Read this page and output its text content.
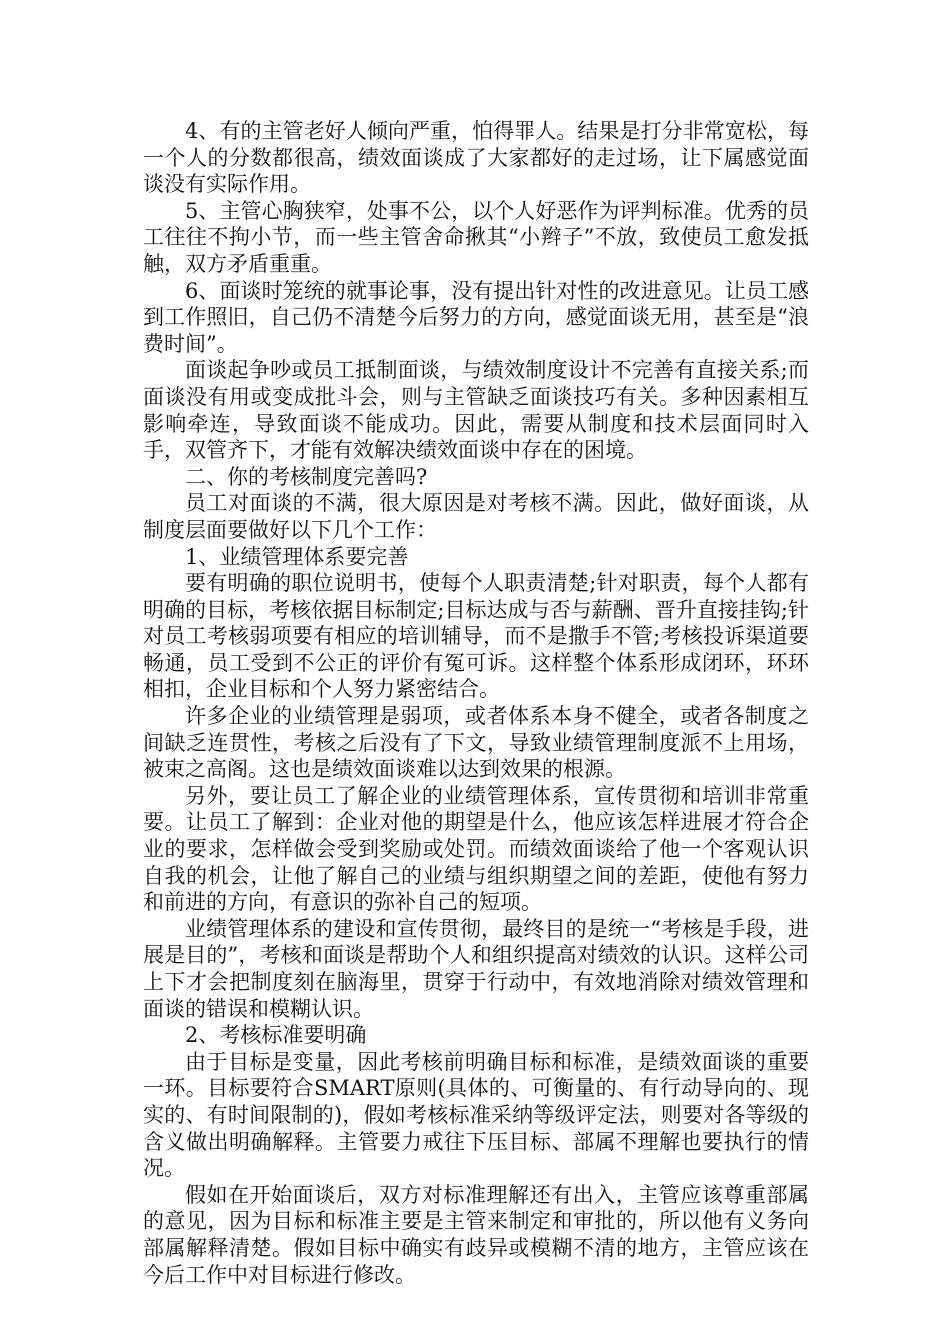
4、有的主管老好人倾向严重，怕得罪人。结果是打分非常宽松，每一个人的分数都很高，绩效面谈成了大家都好的走过场，让下属感觉面谈没有实际作用。

5、主管心胸狭窄，处事不公，以个人好恶作为评判标准。优秀的员工往往不拘小节，而一些主管舍命揪其“小辫子”不放，致使员工愈发抵触，双方矛盾重重。

6、面谈时笼统的就事论事，没有提出针对性的改进意见。让员工感到工作照旧，自己仍不清楚今后努力的方向，感觉面谈无用，甚至是“浪费时间”。

面谈起争吵或员工抵制面谈，与绩效制度设计不完善有直接关系;而面谈没有用或变成批斗会，则与主管缺乏面谈技巧有关。多种因素相互影响牵连，导致面谈不能成功。因此，需要从制度和技术层面同时入手，双管齐下，才能有效解决绩效面谈中存在的困境。

二、你的考核制度完善吗?

员工对面谈的不满，很大原因是对考核不满。因此，做好面谈，从制度层面要做好以下几个工作：

1、业绩管理体系要完善

要有明确的职位说明书，使每个人职责清楚;针对职责，每个人都有明确的目标，考核依据目标制定;目标达成与否与薪酬、晋升直接挂钩;针对员工考核弱项要有相应的培训辅导，而不是撒手不管;考核投诉渠道要畅通，员工受到不公正的评价有冤可诉。这样整个体系形成闭环，环环相扣，企业目标和个人努力紧密结合。

许多企业的业绩管理是弱项，或者体系本身不健全，或者各制度之间缺乏连贯性，考核之后没有了下文，导致业绩管理制度派不上用场，被束之高阁。这也是绩效面谈难以达到效果的根源。

另外，要让员工了解企业的业绩管理体系，宣传贯彻和培训非常重要。让员工了解到：企业对他的期望是什么，他应该怎样进展才符合企业的要求，怎样做会受到奖励或处罚。而绩效面谈给了他一个客观认识自我的机会，让他了解自己的业绩与组织期望之间的差距，使他有努力和前进的方向，有意识的弥补自己的短项。

业绩管理体系的建设和宣传贯彻，最终目的是统一“考核是手段，进展是目的”，考核和面谈是帮助个人和组织提高对绩效的认识。这样公司上下才会把制度刻在脑海里，贯穿于行动中，有效地消除对绩效管理和面谈的错误和模糊认识。

2、考核标准要明确

由于目标是变量，因此考核前明确目标和标准，是绩效面谈的重要一环。目标要符合SMART原则(具体的、可衡量的、有行动导向的、现实的、有时间限制的)，假如考核标准采纳等级评定法，则要对各等级的含义做出明确解释。主管要力戒往下压目标、部属不理解也要执行的情况。

假如在开始面谈后，双方对标准理解还有出入，主管应该尊重部属的意见，因为目标和标准主要是主管来制定和审批的，所以他有义务向部属解释清楚。假如目标中确实有歧异或模糊不清的地方，主管应该在今后工作中对目标进行修改。
